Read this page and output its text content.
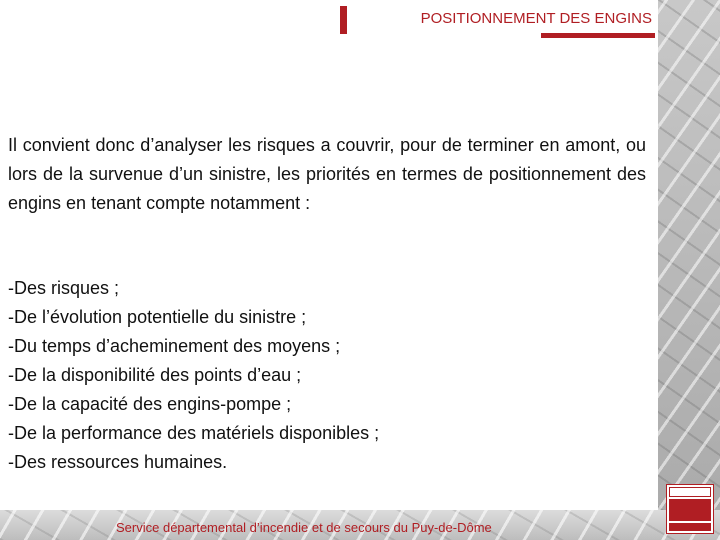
POSITIONNEMENT DES ENGINS

Il convient donc d’analyser les risques a couvrir, pour de terminer en amont, ou lors de la survenue d’un sinistre, les priorités en termes de positionnement des engins en tenant compte notamment :

-Des risques ;
-De l’évolution potentielle du sinistre ;
-Du temps d’acheminement des moyens ;
-De la disponibilité des points d’eau ;
-De la capacité des engins-pompe ;
-De la performance des matériels disponibles ;
-Des ressources humaines.
Service départemental d’incendie et de secours du Puy-de-Dôme
